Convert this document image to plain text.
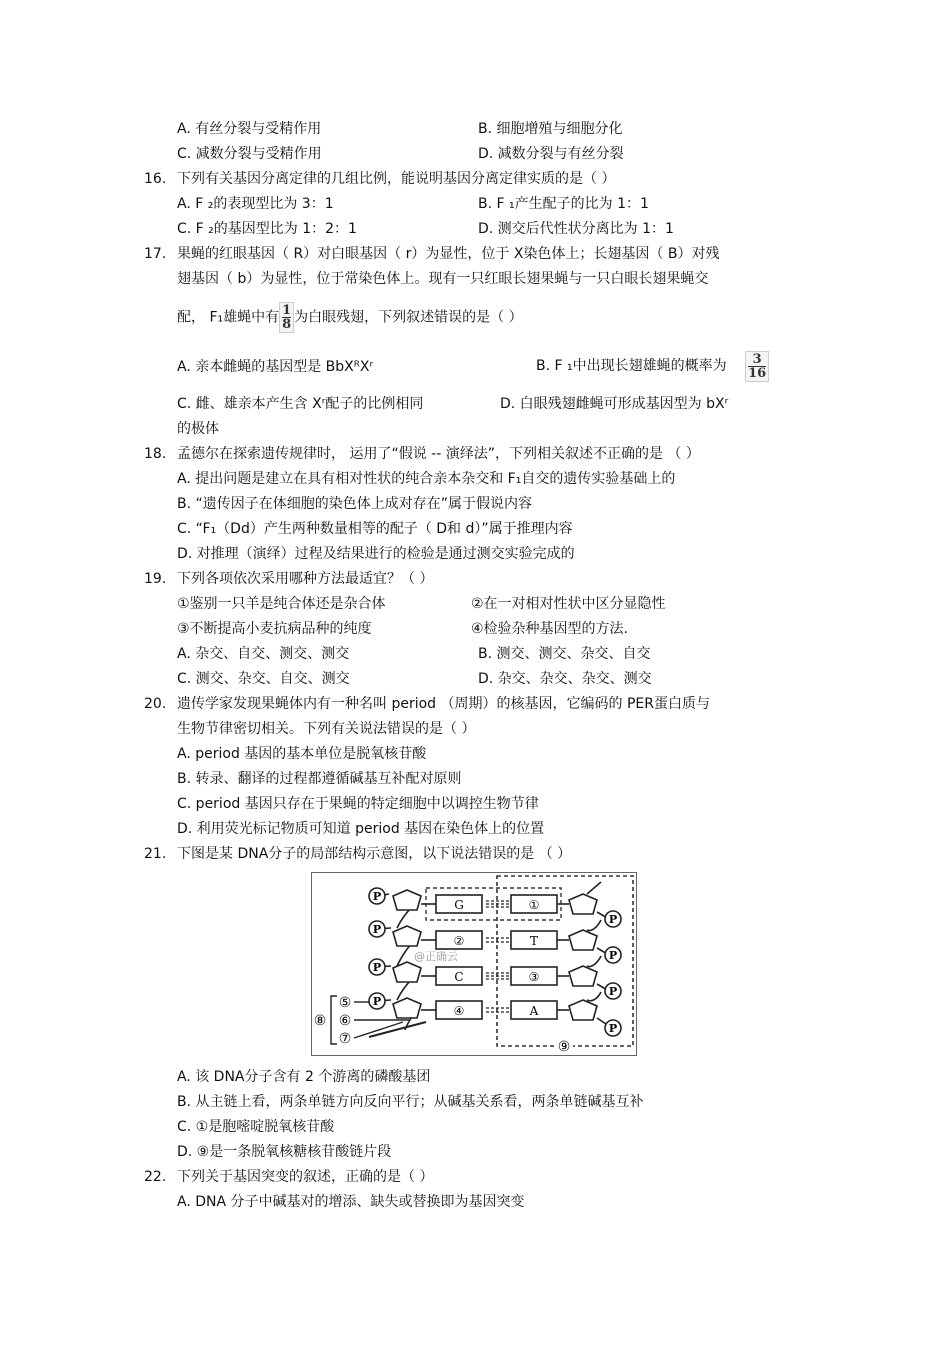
A. 有丝分裂与受精作用	B. 细胞增殖与细胞分化
C. 减数分裂与受精作用	D. 减数分裂与有丝分裂
16. 下列有关基因分离定律的几组比例，能说明基因分离定律实质的是（ ）
A. F ₂的表现型比为 3：1	B. F ₁产生配子的比为 1：1
C. F ₂的基因型比为 1：2：1	D. 测交后代性状分离比为 1：1
17. 果蝇的红眼基因（ R）对白眼基因（ r）为显性，位于 X染色体上；长翅基因（ B）对残
翅基因（ b）为显性，位于常染色体上。现有一只红眼长翅果蝇与一只白眼长翅果蝇交
配， F₁雄蝇中有 $\frac{1}{8}$ 为白眼残翅，下列叙述错误的是（ ）
A. 亲本雌蝇的基因型是 BbXᴿXʳ	B. F ₁中出现长翅雄蝇的概率为 $\frac{3}{16}$
C. 雌、雄亲本产生含 Xʳ配子的比例相同	D. 白眼残翅雌蝇可形成基因型为 bXʳ
的极体
18. 孟德尔在探索遗传规律时， 运用了“假说 -- 演绎法”，下列相关叙述不正确的是 （ ）
A. 提出问题是建立在具有相对性状的纯合亲本杂交和 F₁自交的遗传实验基础上的
B. “遗传因子在体细胞的染色体上成对存在”属于假说内容
C. “F₁（Dd）产生两种数量相等的配子（ D和 d）”属于推理内容
D. 对推理（演绎）过程及结果进行的检验是通过测交实验完成的
19. 下列各项依次采用哪种方法最适宜？（ ）
①鉴别一只羊是纯合体还是杂合体	②在一对相对性状中区分显隐性
③不断提高小麦抗病品种的纯度	④检验杂种基因型的方法.
A. 杂交、自交、测交、测交	B. 测交、测交、杂交、自交
C. 测交、杂交、自交、测交	D. 杂交、杂交、杂交、测交
20. 遗传学家发现果蝇体内有一种名叫 period （周期）的核基因，它编码的 PER蛋白质与
生物节律密切相关。下列有关说法错误的是（ ）
A. period 基因的基本单位是脱氧核苷酸
B. 转录、翻译的过程都遵循碱基互补配对原则
C. period 基因只存在于果蝇的特定细胞中以调控生物节律
D. 利用荧光标记物质可知道 period 基因在染色体上的位置
21. 下图是某 DNA分子的局部结构示意图，以下说法错误的是 （ ）
P
P
P
P
G
②
C
④
①
T
③
A
P
P
P
P
⑤
⑥
⑦
⑧
⑨
@正确云
A. 该 DNA分子含有 2 个游离的磷酸基团
B. 从主链上看，两条单链方向反向平行；从碱基关系看，两条单链碱基互补
C. ①是胞嘧啶脱氧核苷酸
D. ⑨是一条脱氧核糖核苷酸链片段
22. 下列关于基因突变的叙述，正确的是（ ）
A. DNA 分子中碱基对的增添、缺失或替换即为基因突变
